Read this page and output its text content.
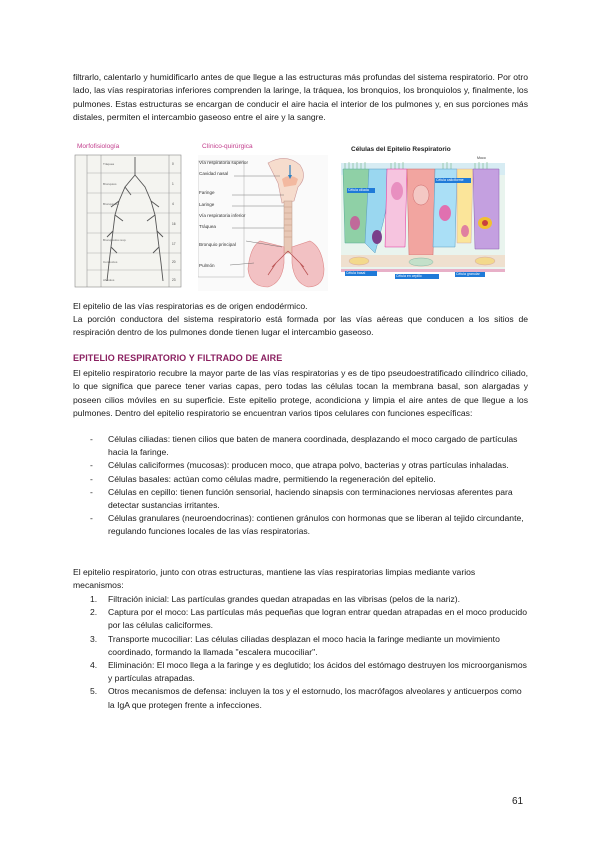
filtrarlo, calentarlo y humidificarlo antes de que llegue a las estructuras más profundas del sistema respiratorio. Por otro lado, las vías respiratorias inferiores comprenden la laringe, la tráquea, los bronquios, los bronquiolos y, finalmente, los pulmones. Estas estructuras se encargan de conducir el aire hacia el interior de los pulmones y, en sus porciones más distales, permiten el intercambio gaseoso entre el aire y la sangre.

Morfofisiología
Tráquea
Bronquios
Bronquiolos
Bronquiolos resp.
Conductos
Alvéolos
0
1
4
16
17
20
23
Clínico-quirúrgica
Vía respiratoria superior
Cavidad nasal
Faringe
Laringe
Vía respiratoria inferior
Tráquea
Bronquio principal
Pulmón
Células del Epitelio Respiratorio
Moco
Célula ciliada
Célula caliciforme
Célula basal
Célula en cepillo	Célula granular

El epitelio de las vías respiratorias es de origen endodérmico.

La porción conductora del sistema respiratorio está formada por las vías aéreas que conducen a los sitios de respiración dentro de los pulmones donde tienen lugar el intercambio gaseoso.

EPITELIO RESPIRATORIO Y FILTRADO DE AIRE

El epitelio respiratorio recubre la mayor parte de las vías respiratorias y es de tipo pseudoestratificado cilíndrico ciliado, lo que significa que parece tener varias capas, pero todas las células tocan la membrana basal, son alargadas y poseen cilios móviles en su superficie. Este epitelio protege, acondiciona y limpia el aire antes de que llegue a los pulmones. Dentro del epitelio respiratorio se encuentran varios tipos celulares con funciones específicas:

- Células ciliadas: tienen cilios que baten de manera coordinada, desplazando el moco cargado de partículas hacia la faringe.
- Células caliciformes (mucosas): producen moco, que atrapa polvo, bacterias y otras partículas inhaladas.
- Células basales: actúan como células madre, permitiendo la regeneración del epitelio.
- Células en cepillo: tienen función sensorial, haciendo sinapsis con terminaciones nerviosas aferentes para detectar sustancias irritantes.
- Células granulares (neuroendocrinas): contienen gránulos con hormonas que se liberan al tejido circundante, regulando funciones locales de las vías respiratorias.

El epitelio respiratorio, junto con otras estructuras, mantiene las vías respiratorias limpias mediante varios mecanismos:

1. Filtración inicial: Las partículas grandes quedan atrapadas en las vibrisas (pelos de la nariz).
2. Captura por el moco: Las partículas más pequeñas que logran entrar quedan atrapadas en el moco producido por las células caliciformes.
3. Transporte mucociliar: Las células ciliadas desplazan el moco hacia la faringe mediante un movimiento coordinado, formando la llamada "escalera mucociliar".
4. Eliminación: El moco llega a la faringe y es deglutido; los ácidos del estómago destruyen los microorganismos y partículas atrapadas.
5. Otros mecanismos de defensa: incluyen la tos y el estornudo, los macrófagos alveolares y anticuerpos como la IgA que protegen frente a infecciones.
61
